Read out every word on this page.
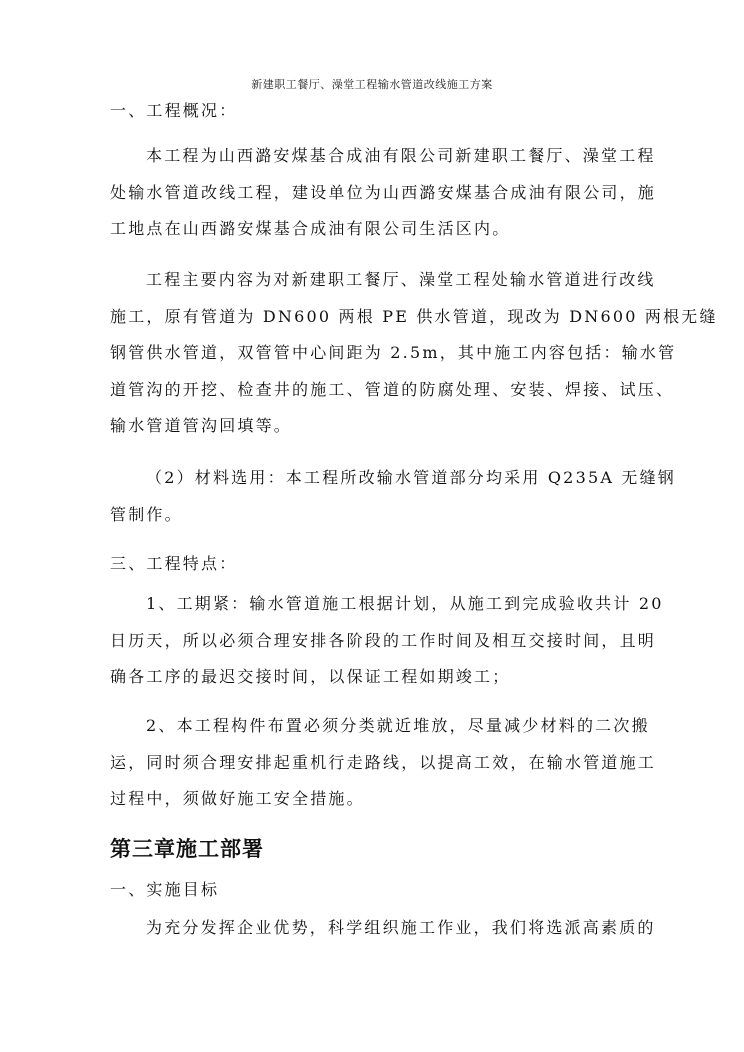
新建职工餐厅、澡堂工程输水管道改线施工方案
一、工程概况：
本工程为山西潞安煤基合成油有限公司新建职工餐厅、澡堂工程
处输水管道改线工程，建设单位为山西潞安煤基合成油有限公司，施
工地点在山西潞安煤基合成油有限公司生活区内。
工程主要内容为对新建职工餐厅、澡堂工程处输水管道进行改线
施工，原有管道为 DN600 两根 PE 供水管道，现改为 DN600 两根无缝
钢管供水管道，双管管中心间距为 2.5m，其中施工内容包括：输水管
道管沟的开挖、检查井的施工、管道的防腐处理、安装、焊接、试压、
输水管道管沟回填等。
（2）材料选用：本工程所改输水管道部分均采用 Q235A 无缝钢
管制作。
三、工程特点：
1、工期紧：输水管道施工根据计划，从施工到完成验收共计 20
日历天，所以必须合理安排各阶段的工作时间及相互交接时间，且明
确各工序的最迟交接时间，以保证工程如期竣工；
2、本工程构件布置必须分类就近堆放，尽量减少材料的二次搬
运，同时须合理安排起重机行走路线，以提高工效，在输水管道施工
过程中，须做好施工安全措施。
第三章施工部署
一、实施目标
为充分发挥企业优势，科学组织施工作业，我们将选派高素质的
